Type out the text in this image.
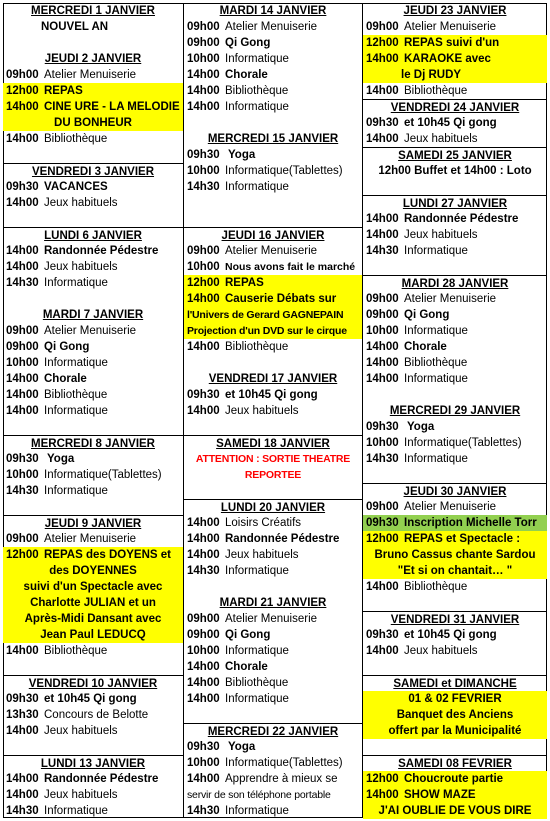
MERCREDI 1 JANVIER
NOUVEL AN
JEUDI 2 JANVIER
09h00 Atelier Menuiserie
12h00 REPAS
14h00 CINE URE - LA MELODIE
DU BONHEUR
14h00 Bibliothèque
VENDREDI 3 JANVIER
09h30 VACANCES
14h00 Jeux habituels
LUNDI 6 JANVIER
14h00 Randonnée Pédestre
14h00 Jeux habituels
14h30 Informatique
MARDI 7 JANVIER
09h00 Atelier Menuiserie
09h00 Qi Gong
10h00 Informatique
14h00 Chorale
14h00 Bibliothèque
14h00 Informatique
MERCREDI 8 JANVIER
09h30 Yoga
10h00 Informatique(Tablettes)
14h30 Informatique
JEUDI 9 JANVIER
09h00 Atelier Menuiserie
12h00 REPAS des DOYENS et
des DOYENNES
suivi d'un Spectacle avec
Charlotte JULIAN et un
Après-Midi Dansant avec
Jean Paul LEDUCQ
14h00 Bibliothèque
VENDREDI 10 JANVIER
09h30 et 10h45 Qi gong
13h30 Concours de Belotte
14h00 Jeux habituels
LUNDI 13 JANVIER
14h00 Randonnée Pédestre
14h00 Jeux habituels
14h30 Informatique
MARDI 14 JANVIER
09h00 Atelier Menuiserie
09h00 Qi Gong
10h00 Informatique
14h00 Chorale
14h00 Bibliothèque
14h00 Informatique
MERCREDI 15 JANVIER
09h30 Yoga
10h00 Informatique(Tablettes)
14h30 Informatique
JEUDI 16 JANVIER
09h00 Atelier Menuiserie
10h00 Nous avons fait le marché
12h00 REPAS
14h00 Causerie Débats sur
l'Univers de Gerard GAGNEPAIN
Projection d'un DVD sur le cirque
14h00 Bibliothèque
VENDREDI 17 JANVIER
09h30 et 10h45 Qi gong
14h00 Jeux habituels
SAMEDI 18 JANVIER
ATTENTION : SORTIE THEATRE
REPORTEE
LUNDI 20 JANVIER
14h00 Loisirs Créatifs
14h00 Randonnée Pédestre
14h00 Jeux habituels
14h30 Informatique
MARDI 21 JANVIER
09h00 Atelier Menuiserie
09h00 Qi Gong
10h00 Informatique
14h00 Chorale
14h00 Bibliothèque
14h00 Informatique
MERCREDI 22 JANVIER
09h30 Yoga
10h00 Informatique(Tablettes)
14h00 Apprendre à mieux se
servir de son téléphone portable
14h30 Informatique
JEUDI 23 JANVIER
09h00 Atelier Menuiserie
12h00 REPAS suivi d'un
14h00 KARAOKE avec
le Dj RUDY
14h00 Bibliothèque
VENDREDI 24 JANVIER
09h30 et 10h45 Qi gong
14h00 Jeux habituels
SAMEDI 25 JANVIER
12h00 Buffet et 14h00 : Loto
LUNDI 27 JANVIER
14h00 Randonnée Pédestre
14h00 Jeux habituels
14h30 Informatique
MARDI 28 JANVIER
09h00 Atelier Menuiserie
09h00 Qi Gong
10h00 Informatique
14h00 Chorale
14h00 Bibliothèque
14h00 Informatique
MERCREDI 29 JANVIER
09h30 Yoga
10h00 Informatique(Tablettes)
14h30 Informatique
JEUDI 30 JANVIER
09h00 Atelier Menuiserie
09h30 Inscription Michelle Torr
12h00 REPAS et Spectacle :
Bruno Cassus chante Sardou
"Et si on chantait… "
14h00 Bibliothèque
VENDREDI 31 JANVIER
09h30 et 10h45 Qi gong
14h00 Jeux habituels
SAMEDI et DIMANCHE
01 & 02 FEVRIER
Banquet des Anciens
offert par la Municipalité
SAMEDI 08 FEVRIER
12h00 Choucroute partie
14h00 SHOW MAZE
J'AI OUBLIE DE VOUS DIRE
